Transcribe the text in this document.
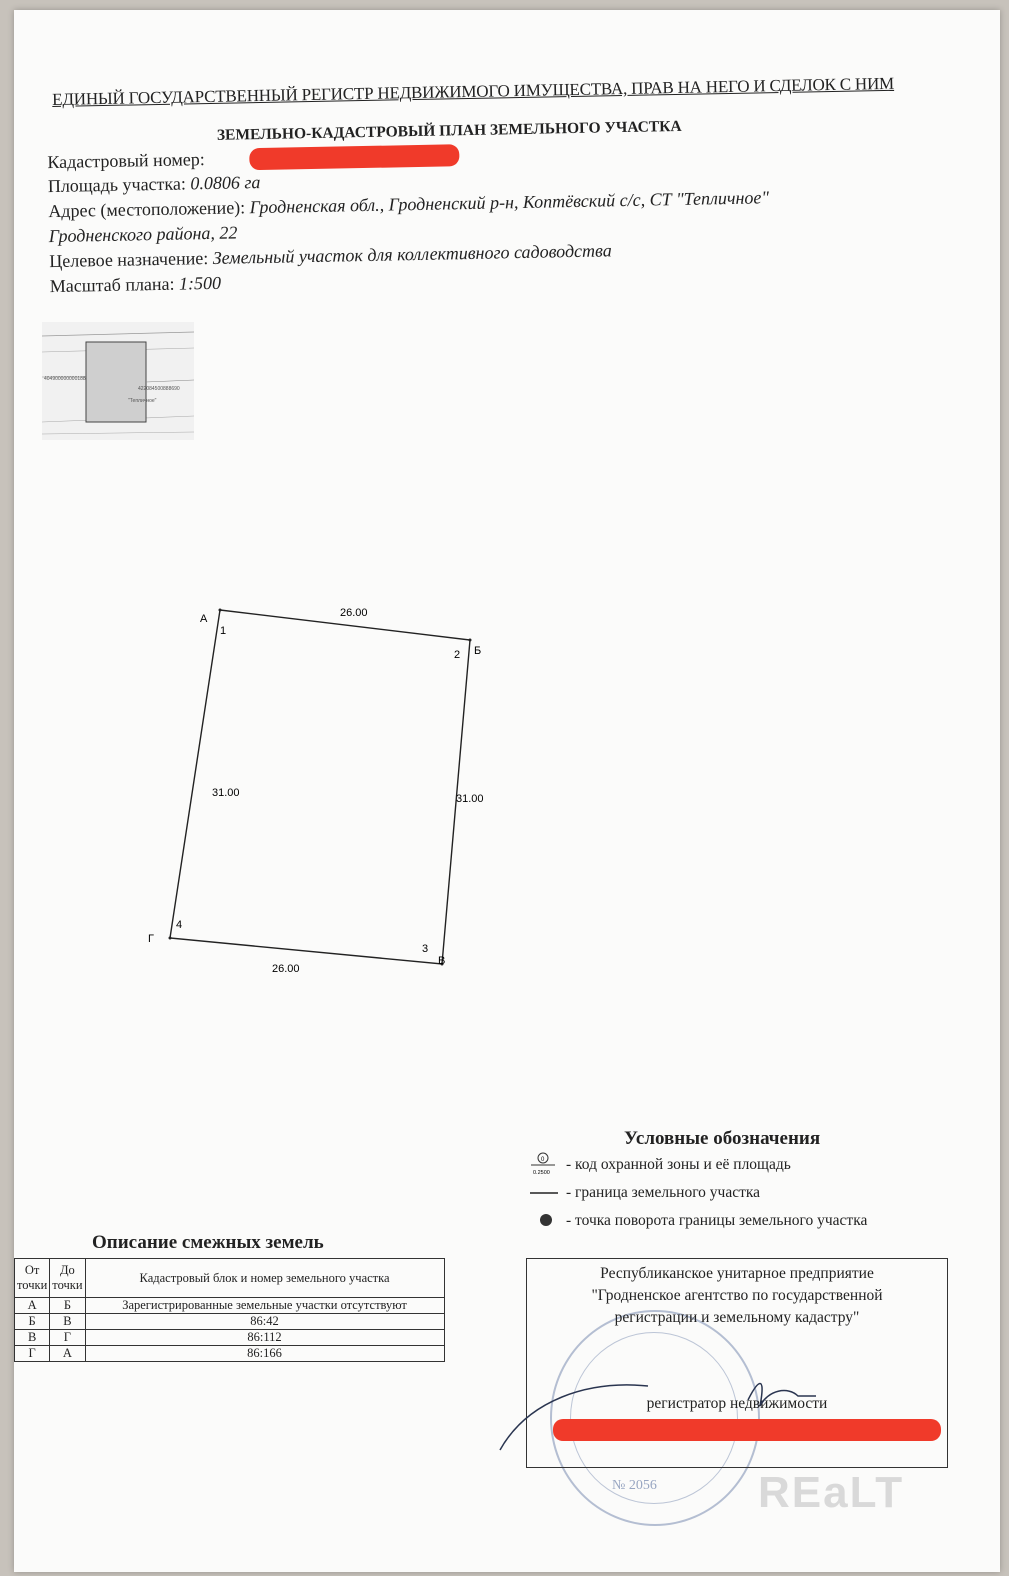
ЕДИНЫЙ ГОСУДАРСТВЕННЫЙ РЕГИСТР НЕДВИЖИМОГО ИМУЩЕСТВА, ПРАВ НА НЕГО И СДЕЛОК С НИМ
ЗЕМЕЛЬНО-КАДАСТРОВЫЙ ПЛАН ЗЕМЕЛЬНОГО УЧАСТКА
Кадастровый номер:
Площадь участка: 0.0806 га
Адрес (местоположение): Гродненская обл., Гродненский р-н, Коптёвский с/с, СТ "Тепличное"
Гродненского района, 22
Целевое назначение: Земельный участок для коллективного садоводства
Масштаб плана: 1:500
404900000000188
422084500888690
"Тепличное"
А
1
Б
2
В
3
Г
4
26.00
31.00
26.00
31.00
Условные обозначения
0
0.2500 - код охранной зоны и её площадь
- граница земельного участка
- точка поворота границы земельного участка
Описание смежных земель
От точки	До точки	Кадастровый блок и номер земельного участка
А	Б	Зарегистрированные земельные участки отсутствуют
Б	В	86:42
В	Г	86:112
Г	А	86:166
№ 2056
Республиканское унитарное предприятие
"Гродненское агентство по государственной
регистрации и земельному кадастру"
регистратор недвижимости
REaLT
